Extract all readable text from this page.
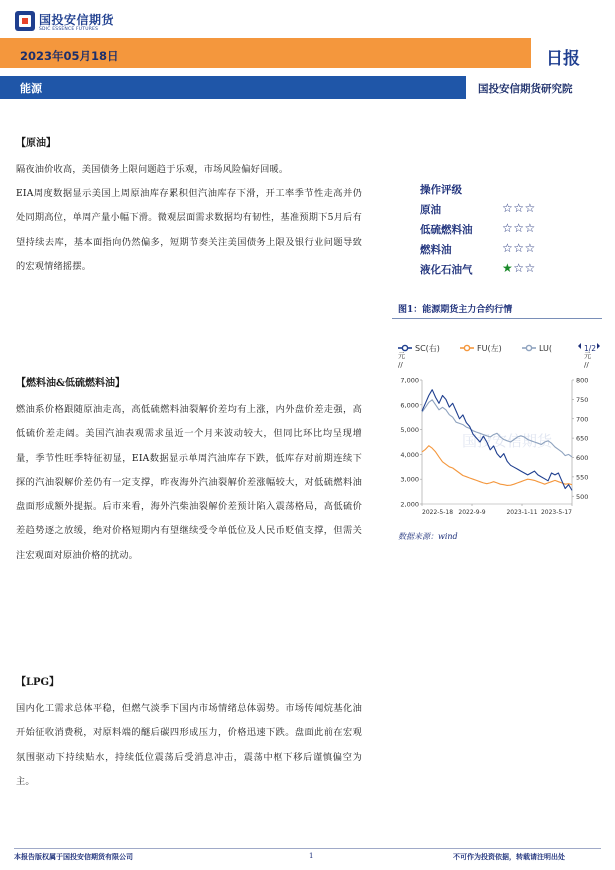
国投安信期货
SDIC ESSENCE FUTURES
2023年05月18日	日报
能源	国投安信期货研究院
【原油】
隔夜油价收高，美国债务上限问题趋于乐观，市场风险偏好回暖。
EIA周度数据显示美国上周原油库存累积但汽油库存下滑，开工率季节性走高并仍处同期高位，单周产量小幅下滑。微观层面需求数据均有韧性，基准预期下5月后有望持续去库，基本面指向仍然偏多，短期节奏关注美国债务上限及银行业问题导致的宏观情绪摇摆。
【燃料油&低硫燃料油】
燃油系价格跟随原油走高，高低硫燃料油裂解价差均有上涨，内外盘价差走强，高低硫价差走阔。美国汽油表观需求虽近一个月来波动较大，但同比环比均呈现增量，季节性旺季特征初显，EIA数据显示单周汽油库存下跌，低库存对前期连续下探的汽油裂解价差仍有一定支撑，昨夜海外汽油裂解价差涨幅较大，对低硫燃料油盘面形成额外提振。后市来看，海外汽柴油裂解价差预计陷入震荡格局，高低硫价差趋势逐之放缓，绝对价格短期内有望继续受令单低位及人民币贬值支撑，但需关注宏观面对原油价格的扰动。
【LPG】
国内化工需求总体平稳，但燃气淡季下国内市场情绪总体弱势。市场传闻烷基化油开始征收消费税，对原料端的醚后碳四形成压力，价格迅速下跌。盘面此前在宏观氛围驱动下持续贴水，持续低位震荡后受消息冲击，震荡中枢下移后谨慎偏空为主。
操作评级
原油	☆☆☆
低硫燃料油 ☆☆☆
燃料油	☆☆☆
液化石油气 ★☆☆
图1：能源期货主力合约行情
SC(右)	FU(左)	LU(	1/2
元
//
元
//
7,000
6,000
5,000
4,000
3,000
2,000
800
750
700
650
600
550
500
2022-5-18 2022-9-9	2023-1-11 2023-5-17
国投安信期货
数据来源：wind
本报告版权属于国投安信期货有限公司	1	不可作为投资依据，转载请注明出处
